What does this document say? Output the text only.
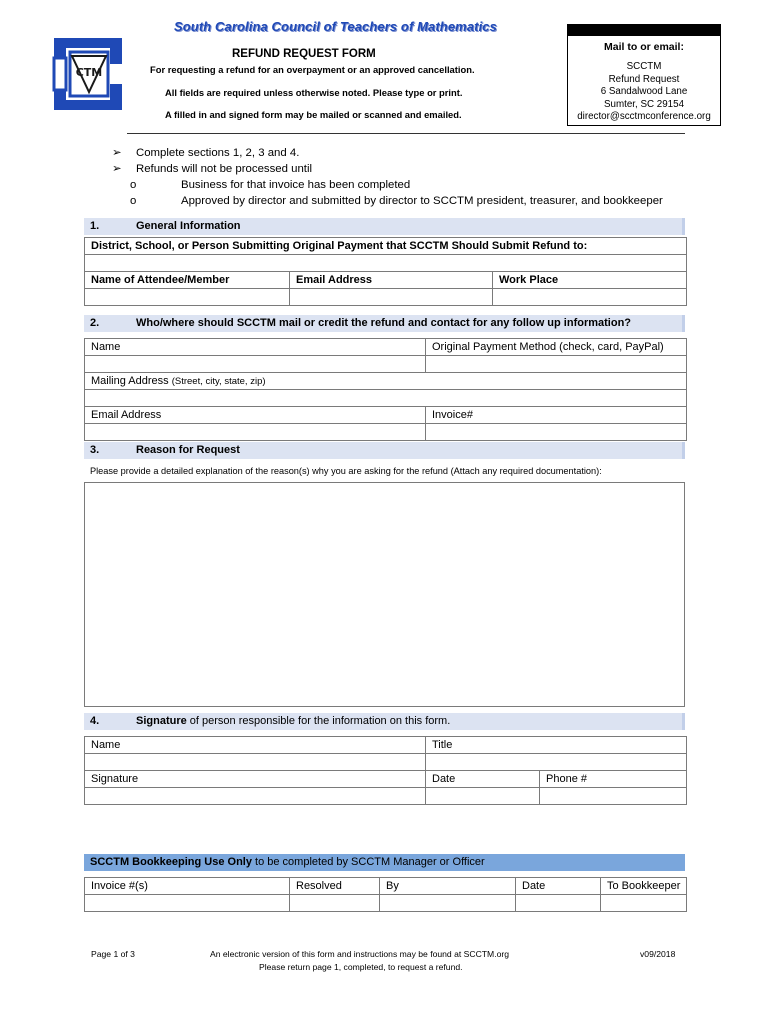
South Carolina Council of Teachers of Mathematics
CTM
REFUND REQUEST FORM
For requesting a refund for an overpayment or an approved cancellation.
All fields are required unless otherwise noted. Please type or print.
A filled in and signed form may be mailed or scanned and emailed.
Mail to or email:
SCCTM
Refund Request
6 Sandalwood Lane
Sumter, SC 29154
director@scctmconference.org
➢ Complete sections 1, 2, 3 and 4.
➢ Refunds will not be processed until
o	Business for that invoice has been completed
o	Approved by director and submitted by director to SCCTM president, treasurer, and bookkeeper
1.	General Information
District, School, or Person Submitting Original Payment that SCCTM Should Submit Refund to:		

Name of Attendee/Member	Email Address	Work Place

2.	Who/where should SCCTM mail or credit the refund and contact for any follow up information?
Name	Original Payment Method (check, card, PayPal)

Mailing Address (Street, city, state, zip)	

Email Address	Invoice#

3.	Reason for Request
Please provide a detailed explanation of the reason(s) why you are asking for the refund (Attach any required documentation):
4.	Signature of person responsible for the information on this form.
Name	Title	

Signature	Date	Phone #

SCCTM Bookkeeping Use Only to be completed by SCCTM Manager or Officer
Invoice #(s)	Resolved	By	Date	To Bookkeeper

Page 1 of 3	An electronic version of this form and instructions may be found at SCCTM.org
Please return page 1, completed, to request a refund.
v09/2018
